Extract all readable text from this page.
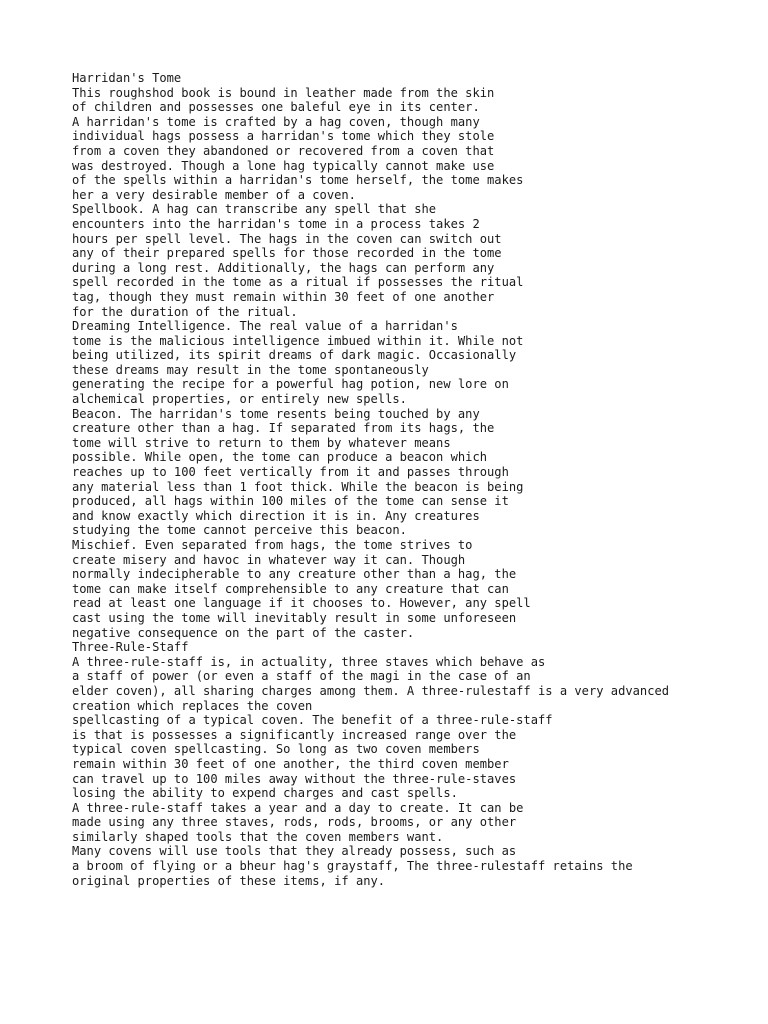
Harridan's Tome
This roughshod book is bound in leather made from the skin
of children and possesses one baleful eye in its center.
A harridan's tome is crafted by a hag coven, though many
individual hags possess a harridan's tome which they stole
from a coven they abandoned or recovered from a coven that
was destroyed. Though a lone hag typically cannot make use
of the spells within a harridan's tome herself, the tome makes
her a very desirable member of a coven.
Spellbook. A hag can transcribe any spell that she
encounters into the harridan's tome in a process takes 2
hours per spell level. The hags in the coven can switch out
any of their prepared spells for those recorded in the tome
during a long rest. Additionally, the hags can perform any
spell recorded in the tome as a ritual if possesses the ritual
tag, though they must remain within 30 feet of one another
for the duration of the ritual.
Dreaming Intelligence. The real value of a harridan's
tome is the malicious intelligence imbued within it. While not
being utilized, its spirit dreams of dark magic. Occasionally
these dreams may result in the tome spontaneously
generating the recipe for a powerful hag potion, new lore on
alchemical properties, or entirely new spells.
Beacon. The harridan's tome resents being touched by any
creature other than a hag. If separated from its hags, the
tome will strive to return to them by whatever means
possible. While open, the tome can produce a beacon which
reaches up to 100 feet vertically from it and passes through
any material less than 1 foot thick. While the beacon is being
produced, all hags within 100 miles of the tome can sense it
and know exactly which direction it is in. Any creatures
studying the tome cannot perceive this beacon.
Mischief. Even separated from hags, the tome strives to
create misery and havoc in whatever way it can. Though
normally indecipherable to any creature other than a hag, the
tome can make itself comprehensible to any creature that can
read at least one language if it chooses to. However, any spell
cast using the tome will inevitably result in some unforeseen
negative consequence on the part of the caster.
Three-Rule-Staff
A three-rule-staff is, in actuality, three staves which behave as
a staff of power (or even a staff of the magi in the case of an
elder coven), all sharing charges among them. A three-rulestaff is a very advanced
creation which replaces the coven
spellcasting of a typical coven. The benefit of a three-rule-staff
is that is possesses a significantly increased range over the
typical coven spellcasting. So long as two coven members
remain within 30 feet of one another, the third coven member
can travel up to 100 miles away without the three-rule-staves
losing the ability to expend charges and cast spells.
A three-rule-staff takes a year and a day to create. It can be
made using any three staves, rods, rods, brooms, or any other
similarly shaped tools that the coven members want.
Many covens will use tools that they already possess, such as
a broom of flying or a bheur hag's graystaff, The three-rulestaff retains the
original properties of these items, if any.
